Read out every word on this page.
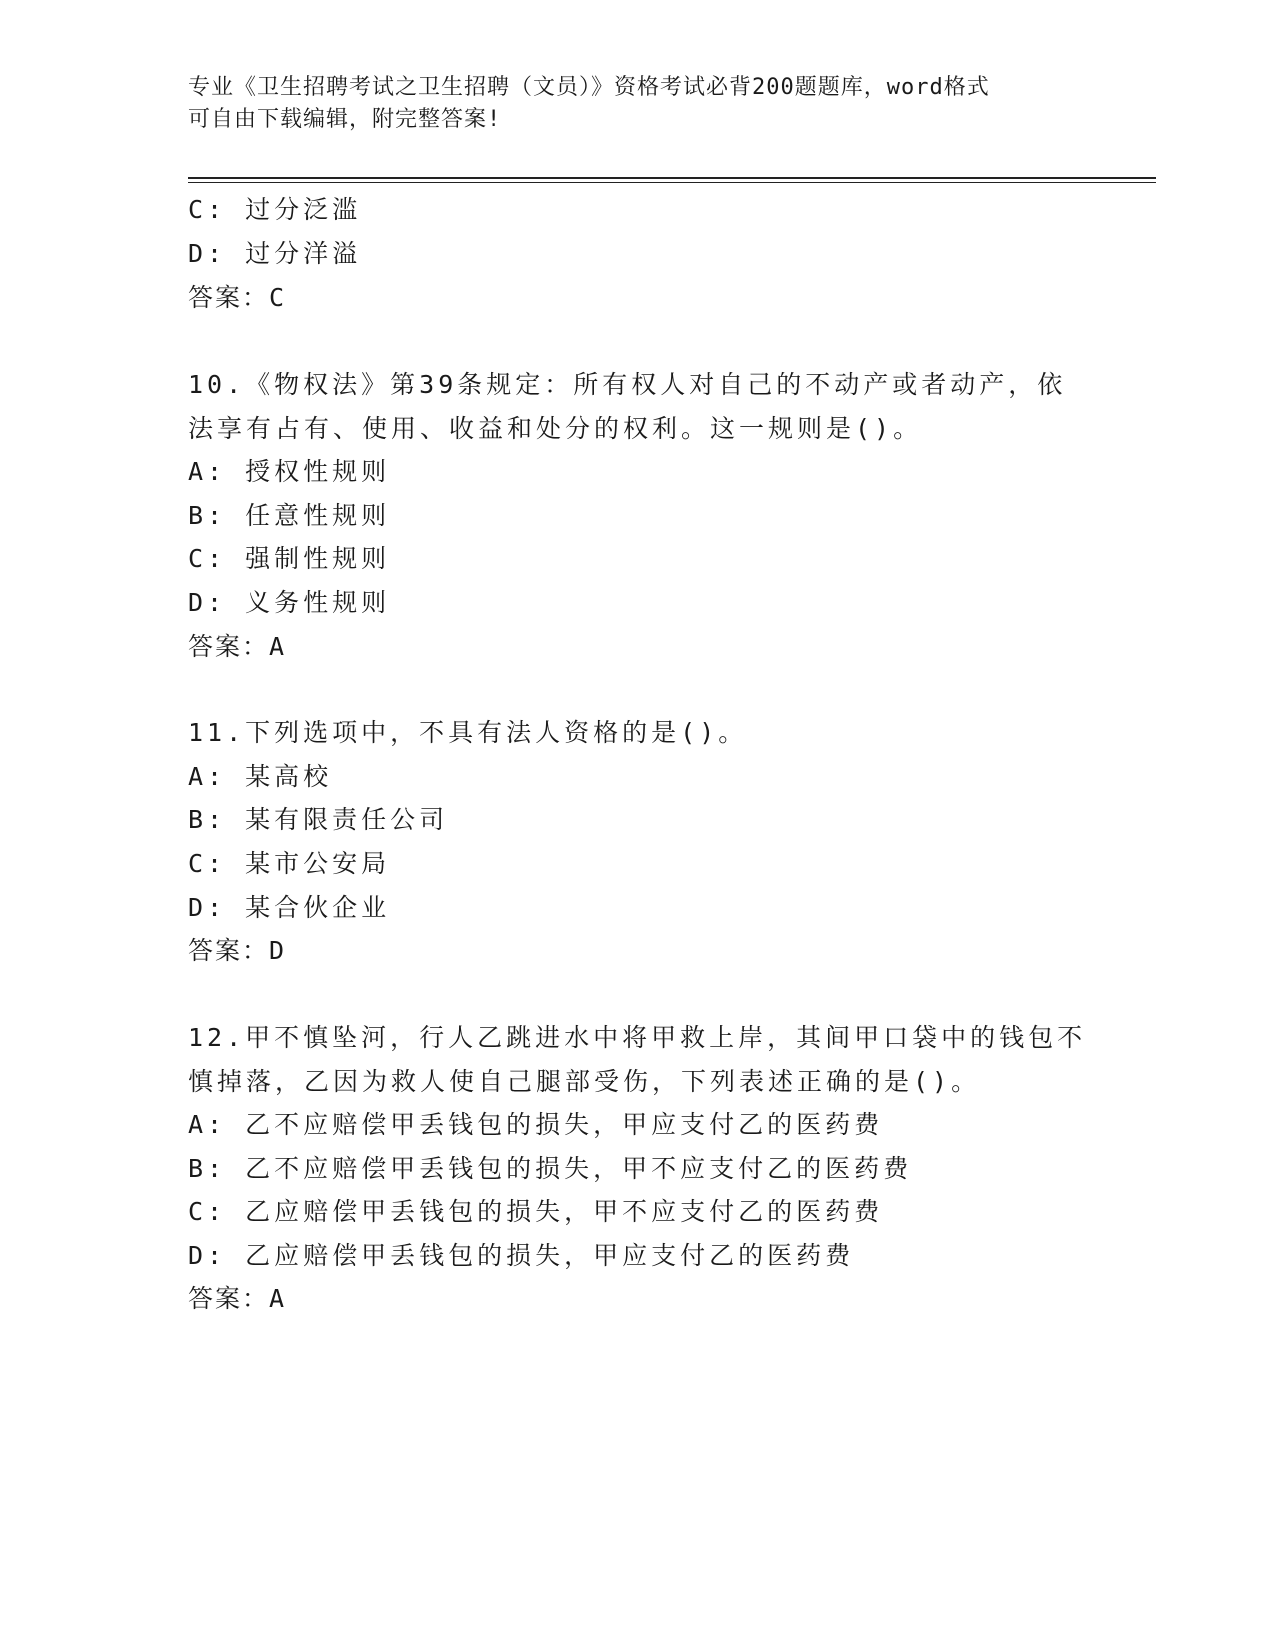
专业《卫生招聘考试之卫生招聘（文员）》资格考试必背200题题库，word格式
可自由下载编辑，附完整答案!
C: 过分泛滥
D: 过分洋溢
答案：C
10.《物权法》第39条规定：所有权人对自己的不动产或者动产，依
法享有占有、使用、收益和处分的权利。这一规则是()。
A: 授权性规则
B: 任意性规则
C: 强制性规则
D: 义务性规则
答案：A
11.下列选项中，不具有法人资格的是()。
A: 某高校
B: 某有限责任公司
C: 某市公安局
D: 某合伙企业
答案：D
12.甲不慎坠河，行人乙跳进水中将甲救上岸，其间甲口袋中的钱包不
慎掉落，乙因为救人使自己腿部受伤，下列表述正确的是()。
A: 乙不应赔偿甲丢钱包的损失，甲应支付乙的医药费
B: 乙不应赔偿甲丢钱包的损失，甲不应支付乙的医药费
C: 乙应赔偿甲丢钱包的损失，甲不应支付乙的医药费
D: 乙应赔偿甲丢钱包的损失，甲应支付乙的医药费
答案：A
